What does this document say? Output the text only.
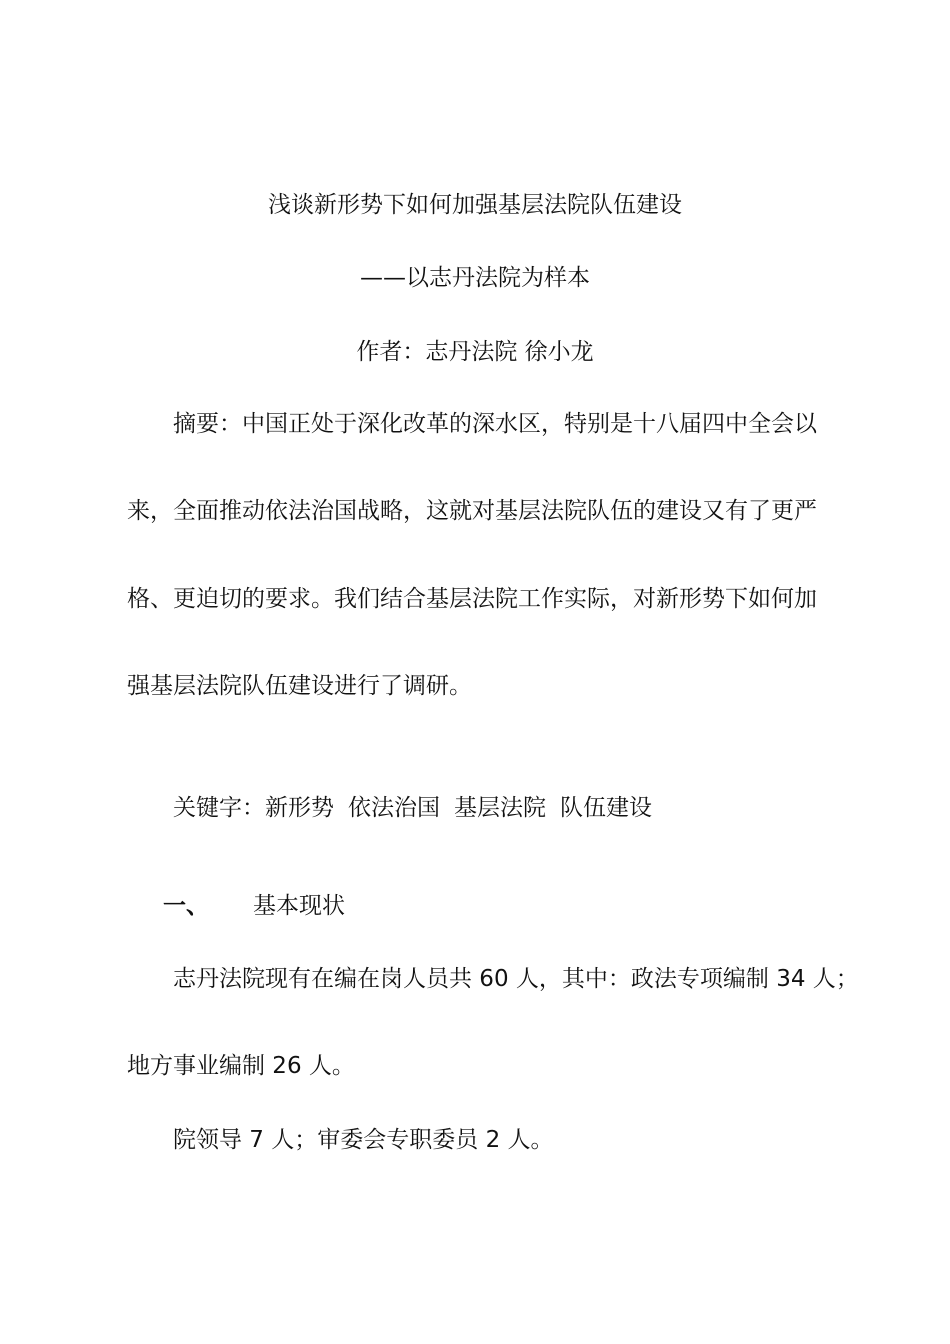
浅谈新形势下如何加强基层法院队伍建设
——以志丹法院为样本
作者：志丹法院 徐小龙
摘要：中国正处于深化改革的深水区，特别是十八届四中全会以
来，全面推动依法治国战略，这就对基层法院队伍的建设又有了更严
格、更迫切的要求。我们结合基层法院工作实际，对新形势下如何加
强基层法院队伍建设进行了调研。
关键字：新形势 依法治国 基层法院 队伍建设
一、 基本现状
志丹法院现有在编在岗人员共 60 人，其中：政法专项编制 34 人；
地方事业编制 26 人。
院领导 7 人；审委会专职委员 2 人。
